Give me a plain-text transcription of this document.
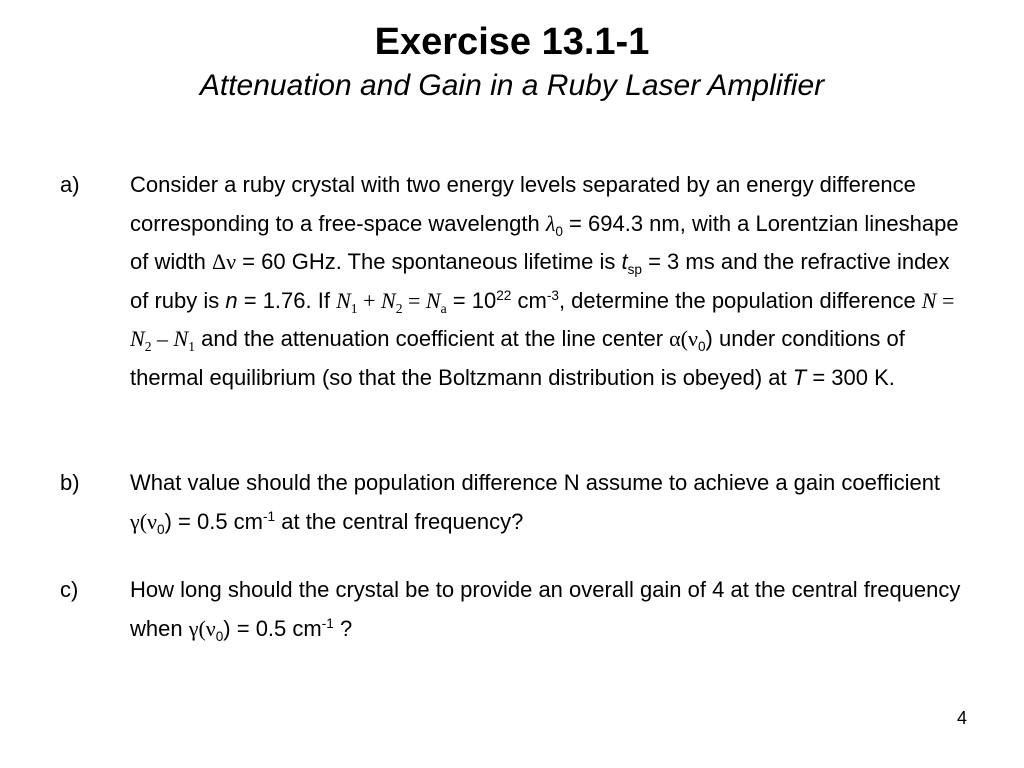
Exercise 13.1-1
Attenuation and Gain in a Ruby Laser Amplifier
a) Consider a ruby crystal with two energy levels separated by an energy difference corresponding to a free-space wavelength $\lambda_0 = 694.3$ nm, with a Lorentzian lineshape of width Δν = 60 GHz. The spontaneous lifetime is $t_{sp} = 3$ ms and the refractive index of ruby is n = 1.76. If $N_1 + N_2 = N_a = 10^{22}$ $cm^{-3}$, determine the population difference $N = N_2 - N_1$ and the attenuation coefficient at the line center $\alpha(\nu_0)$ under conditions of thermal equilibrium (so that the Boltzmann distribution is obeyed) at T = 300 K.
b) What value should the population difference N assume to achieve a gain coefficient $\gamma(\nu_0) = 0.5$ $cm^{-1}$ at the central frequency?
c) How long should the crystal be to provide an overall gain of 4 at the central frequency when $\gamma(\nu_0) = 0.5$ $cm^{-1}$ ?
4
